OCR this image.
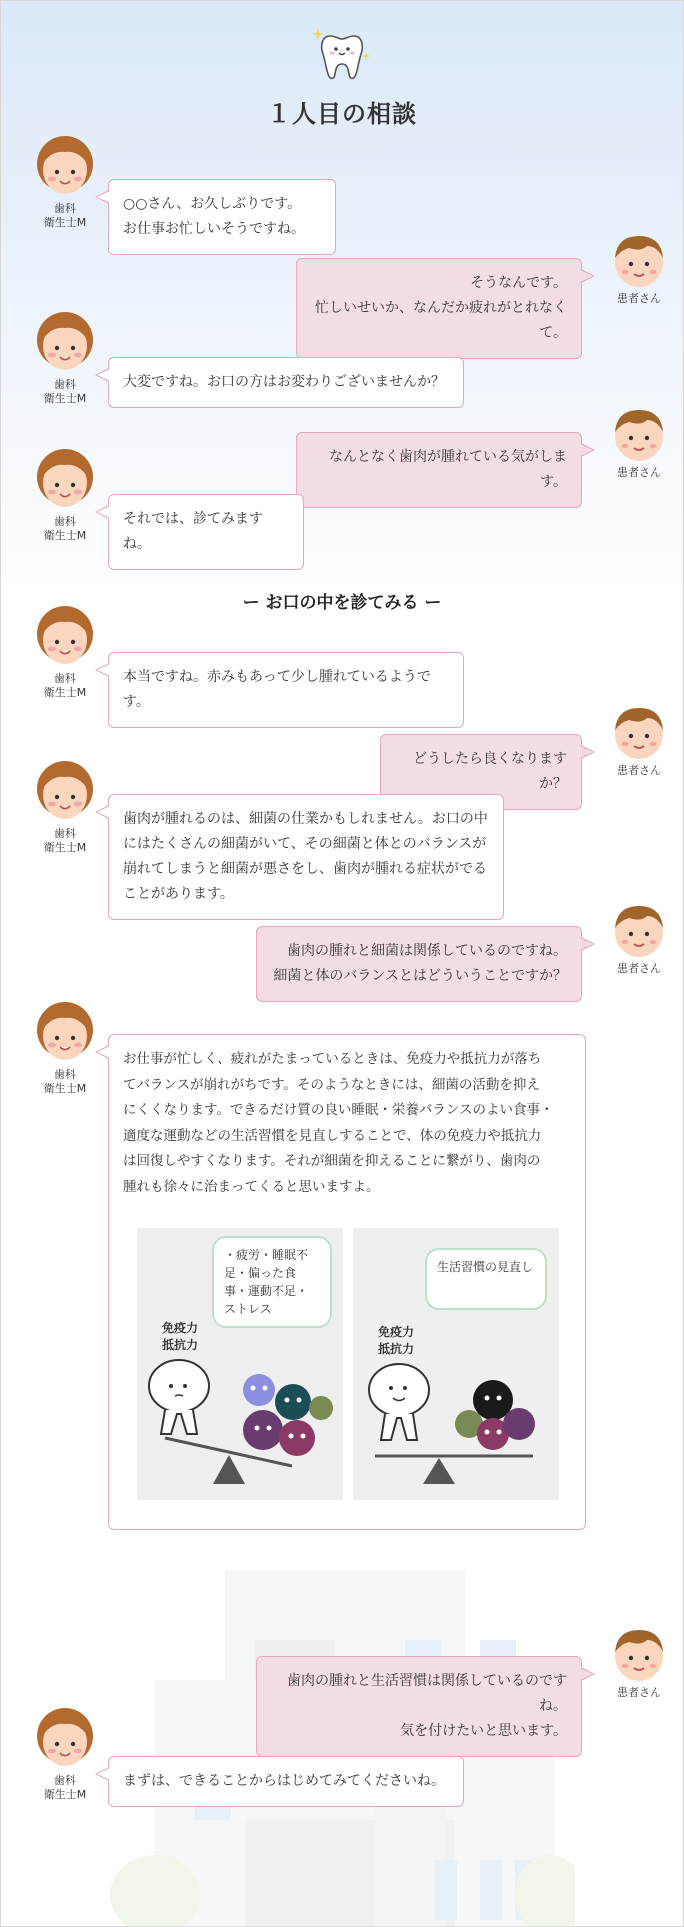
１人目の相談
歯科
衛生士M
○○さん、お久しぶりです。
お仕事お忙しいそうですね。
患者さん
そうなんです。
忙しいせいか、なんだか疲れがとれなくて。
歯科
衛生士M
大変ですね。お口の方はお変わりございませんか？
患者さん
なんとなく歯肉が腫れている気がします。
歯科
衛生士M
それでは、診てみますね。
ー お口の中を診てみる ー
歯科
衛生士M
本当ですね。赤みもあって少し腫れているようです。
患者さん
どうしたら良くなりますか？
歯科
衛生士M
歯肉が腫れるのは、細菌の仕業かもしれません。お口の中
にはたくさんの細菌がいて、その細菌と体とのバランスが
崩れてしまうと細菌が悪さをし、歯肉が腫れる症状がでる
ことがあります。
患者さん
歯肉の腫れと細菌は関係しているのですね。
細菌と体のバランスとはどういうことですか？
歯科
衛生士M
お仕事が忙しく、疲れがたまっているときは、免疫力や抵抗力が落ち
てバランスが崩れがちです。そのようなときには、細菌の活動を抑え
にくくなります。できるだけ質の良い睡眠・栄養バランスのよい食事・
適度な運動などの生活習慣を見直しすることで、体の免疫力や抵抗力
は回復しやすくなります。それが細菌を抑えることに繋がり、歯肉の
腫れも徐々に治まってくると思いますよ。
・疲労・睡眠不足・偏った食事・運動不足・ストレス
免疫力
抵抗力
生活習慣の見直し
免疫力
抵抗力
患者さん
歯肉の腫れと生活習慣は関係しているのですね。
気を付けたいと思います。
歯科
衛生士M
まずは、できることからはじめてみてくださいね。
